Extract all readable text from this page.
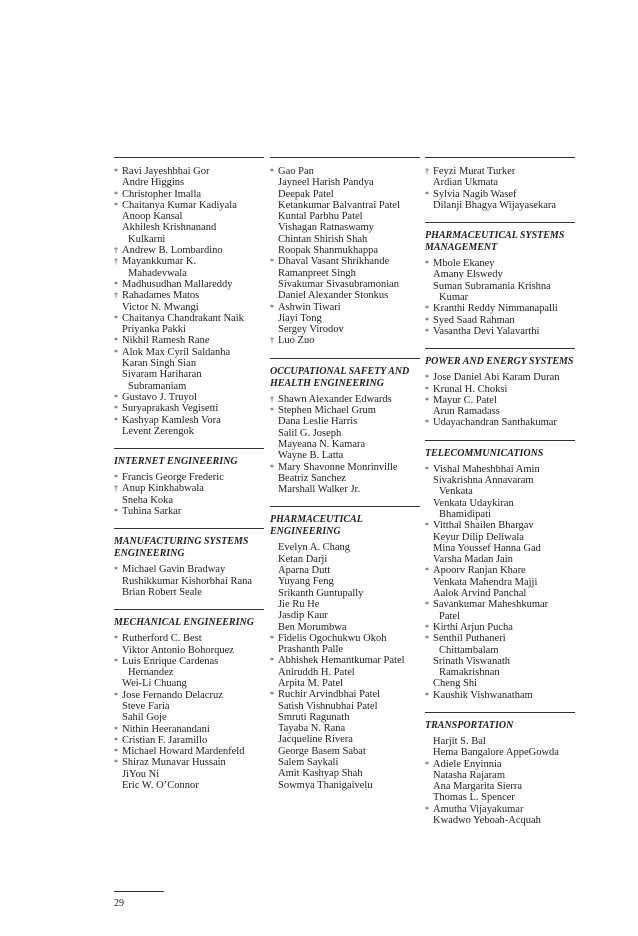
* Ravi Jayeshbhai Gor
Andre Higgins
* Christopher Imalla
* Chaitanya Kumar Kadiyala
Anoop Kansal
Akhilesh Krishnanand
Kulkarni
† Andrew B. Lombardino
† Mayankkumar K.
Mahadevwala
* Madhusudhan Mallareddy
† Rahadames Matos
Victor N. Mwangi
* Chaitanya Chandrakant Naik
Priyanka Pakki
* Nikhil Ramesh Rane
* Alok Max Cyril Saldanha
Karan Singh Sian
Sivaram Hariharan
Subramaniam
* Gustavo J. Truyol
* Suryaprakash Vegisetti
* Kashyap Kamlesh Vora
Levent Zerengok
INTERNET ENGINEERING
* Francis George Frederic
† Anup Kinkhabwala
Sneha Koka
* Tuhina Sarkar
MANUFACTURING SYSTEMS ENGINEERING
* Michael Gavin Bradway
Rushikkumar Kishorbhai Rana
Brian Robert Seale
MECHANICAL ENGINEERING
* Rutherford C. Best
Viktor Antonio Bohorquez
* Luis Enrique Cardenas
Hernandez
Wei-Li Chuang
* Jose Fernando Delacruz
Steve Faria
Sahil Goje
* Nithin Heeranandani
* Cristian F. Jaramillo
* Michael Howard Mardenfeld
* Shiraz Munavar Hussain
JiYou Ni
Eric W. O’Connor
* Gao Pan
Jayneel Harish Pandya
Deepak Patel
Ketankumar Balvantrai Patel
Kuntal Parbhu Patel
Vishagan Ratnaswamy
Chintan Shirish Shah
Roopak Shanmukhappa
* Dhaval Vasant Shrikhande
Ramanpreet Singh
Sivakumar Sivasubramonian
Daniel Alexander Stonkus
* Ashwin Tiwari
Jiayi Tong
Sergey Virodov
† Luo Zuo
OCCUPATIONAL SAFETY AND HEALTH ENGINEERING
† Shawn Alexander Edwards
* Stephen Michael Grum
Dana Leslie Harris
Salil G. Joseph
Mayeana N. Kamara
Wayne B. Latta
* Mary Shavonne Monrinville
Beatriz Sanchez
Marshall Walker Jr.
PHARMACEUTICAL ENGINEERING
Evelyn A. Chang
Ketan Darji
Aparna Dutt
Yuyang Feng
Srikanth Guntupally
Jie Ru He
Jasdip Kaur
Ben Morumbwa
* Fidelis Ogochukwu Okoh
Prashanth Palle
* Abhishek Hemantkumar Patel
Aniruddh H. Patel
Arpita M. Patel
* Ruchir Arvindbhai Patel
Satish Vishnubhai Patel
Smruti Ragunath
Tayaba N. Rana
Jacqueline Rivera
George Basem Sabat
Salem Saykali
Amit Kashyap Shah
Sowmya Thanigaivelu
† Feyzi Murat Turker
Ardian Ukmata
* Sylvia Nagib Wasef
Dilanji Bhagya Wijayasekara
PHARMACEUTICAL SYSTEMS MANAGEMENT
* Mbole Ekaney
Amany Elswedy
Suman Subramania Krishna
Kumar
* Kranthi Reddy Nimmanapalli
* Syed Saad Rahman
* Vasantha Devi Yalavarthi
POWER AND ENERGY SYSTEMS
* Jose Daniel Abi Karam Duran
* Krunal H. Choksi
* Mayur C. Patel
Arun Ramadass
* Udayachandran Santhakumar
TELECOMMUNICATIONS
* Vishal Maheshbhai Amin
Sivakrishna Annavaram
Venkata
Venkata Udaykiran
Bhamidipati
* Vitthal Shailen Bhargav
Keyur Dilip Deliwala
Mina Youssef Hanna Gad
Varsha Madan Jain
* Apoorv Ranjan Khare
Venkata Mahendra Majji
Aalok Arvind Panchal
* Savankumar Maheshkumar
Patel
* Kirthi Arjun Pucha
* Senthil Puthaneri
Chittambalam
Srinath Viswanath
Ramakrishnan
Cheng Shi
* Kaushik Vishwanatham
TRANSPORTATION
Harjit S. Bal
Hema Bangalore AppeGowda
* Adiele Enyinnia
Natasha Rajaram
Ana Margarita Sierra
Thomas L. Spencer
* Amutha Vijayakumar
Kwadwo Yeboah-Acquah
29
